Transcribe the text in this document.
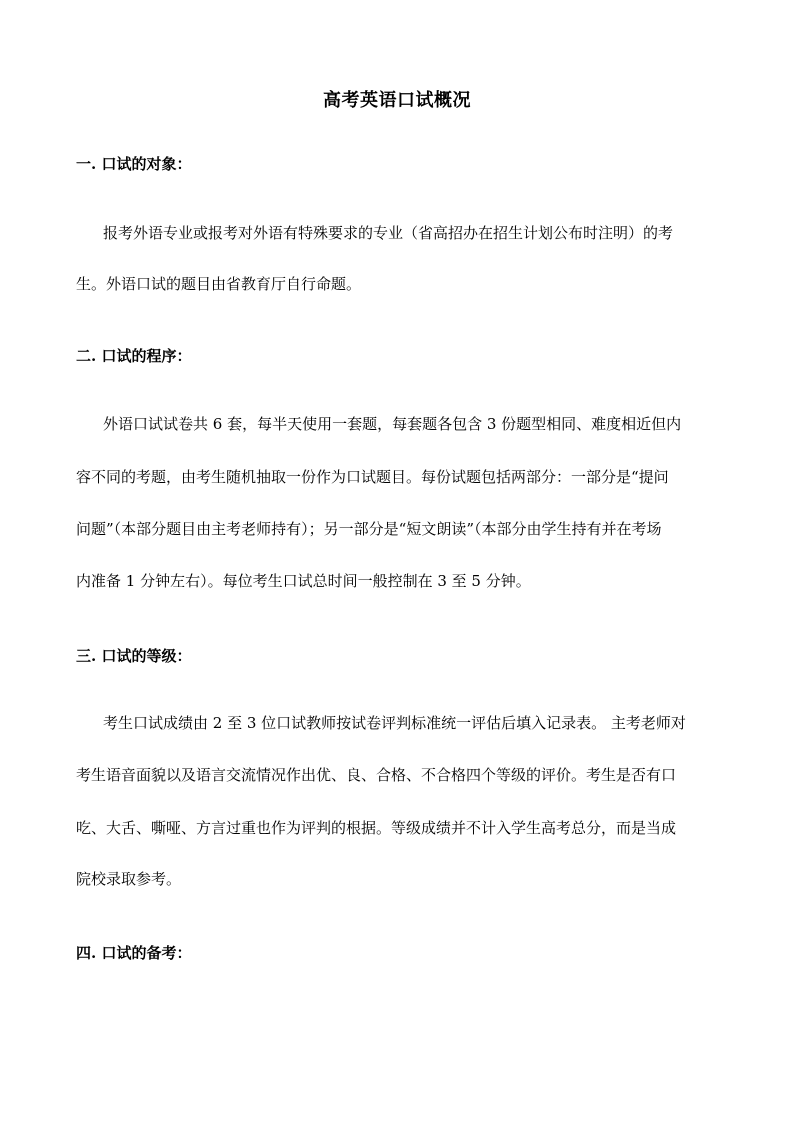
高考英语口试概况
一. 口试的对象：
报考外语专业或报考对外语有特殊要求的专业（省高招办在招生计划公布时注明）的考
生。外语口试的题目由省教育厅自行命题。
二. 口试的程序：
外语口试试卷共 6 套，每半天使用一套题，每套题各包含 3 份题型相同、难度相近但内
容不同的考题，由考生随机抽取一份作为口试题目。每份试题包括两部分：一部分是“提问
问题”（本部分题目由主考老师持有）；另一部分是“短文朗读”（本部分由学生持有并在考场
内准备 1 分钟左右）。每位考生口试总时间一般控制在 3 至 5 分钟。
三. 口试的等级：
考生口试成绩由 2 至 3 位口试教师按试卷评判标准统一评估后填入记录表。 主考老师对
考生语音面貌以及语言交流情况作出优、良、合格、不合格四个等级的评价。考生是否有口
吃、大舌、嘶哑、方言过重也作为评判的根据。等级成绩并不计入学生高考总分，而是当成
院校录取参考。
四. 口试的备考：
